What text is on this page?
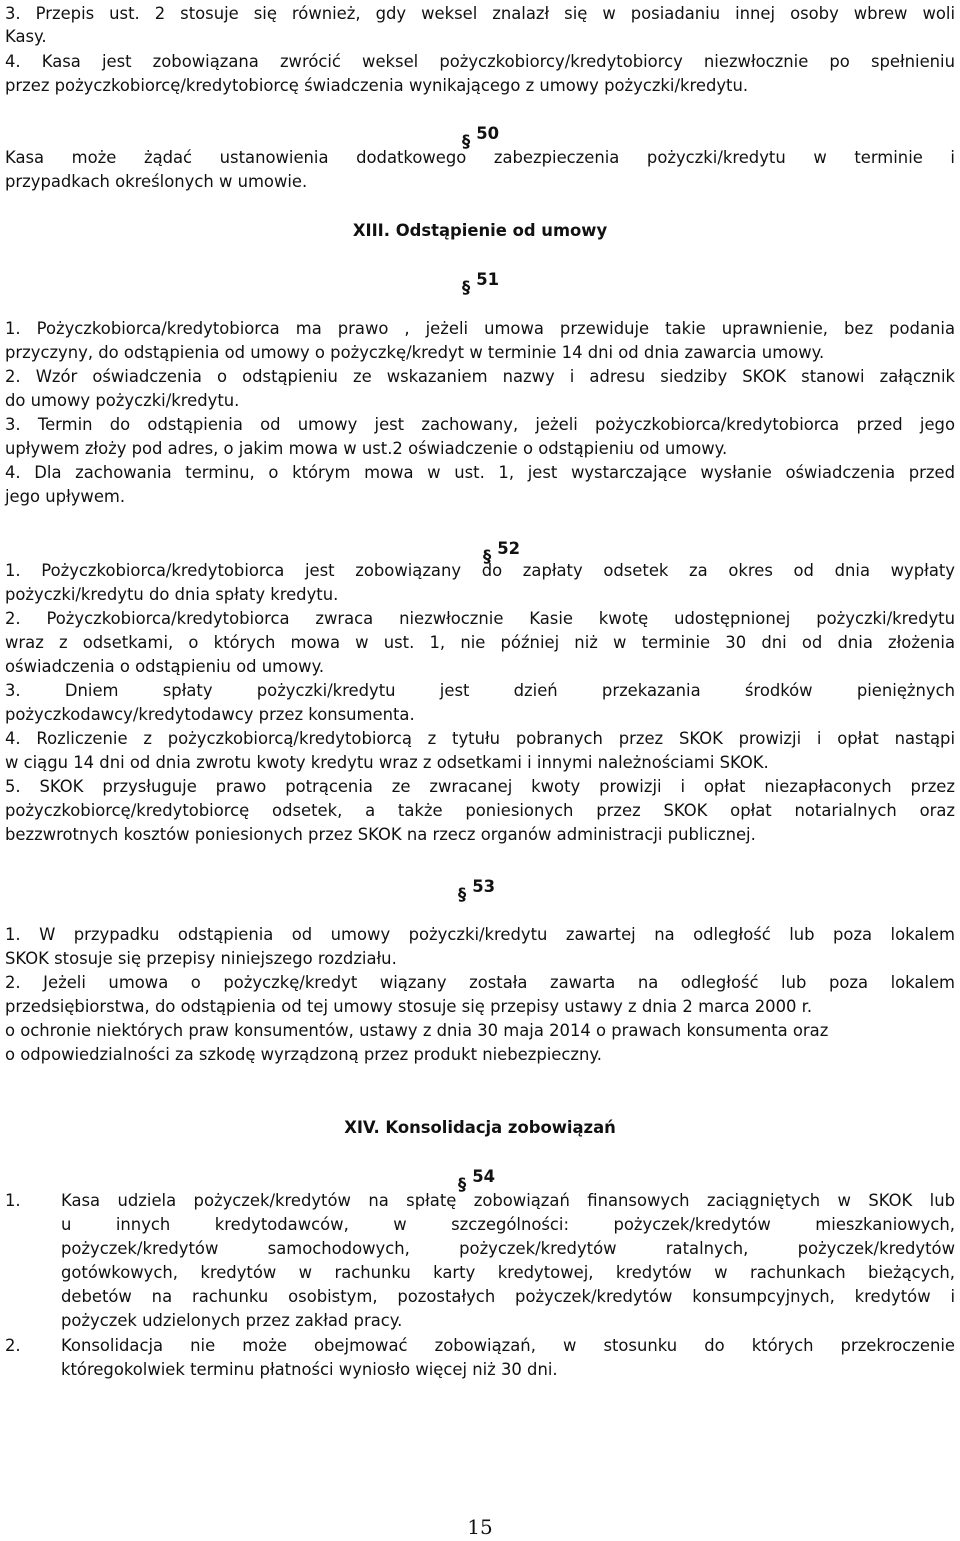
3. Przepis ust. 2 stosuje się również, gdy weksel znalazł się w posiadaniu innej osoby wbrew woli
Kasy.
4. Kasa jest zobowiązana zwrócić weksel pożyczkobiorcy/kredytobiorcy niezwłocznie po spełnieniu
przez pożyczkobiorcę/kredytobiorcę świadczenia wynikającego z umowy pożyczki/kredytu.
Kasa może żądać ustanowienia dodatkowego zabezpieczenia pożyczki/kredytu w terminie i
przypadkach określonych w umowie.
1. Pożyczkobiorca/kredytobiorca ma prawo , jeżeli umowa przewiduje takie uprawnienie, bez podania
przyczyny, do odstąpienia od umowy o pożyczkę/kredyt w terminie 14 dni od dnia zawarcia umowy.
2. Wzór oświadczenia o odstąpieniu ze wskazaniem nazwy i adresu siedziby SKOK stanowi załącznik
do umowy pożyczki/kredytu.
3. Termin do odstąpienia od umowy jest zachowany, jeżeli pożyczkobiorca/kredytobiorca przed jego
upływem złoży pod adres, o jakim mowa w ust.2 oświadczenie o odstąpieniu od umowy.
4. Dla zachowania terminu, o którym mowa w ust. 1, jest wystarczające wysłanie oświadczenia przed
jego upływem.
1. Pożyczkobiorca/kredytobiorca jest zobowiązany do zapłaty odsetek za okres od dnia wypłaty
pożyczki/kredytu do dnia spłaty kredytu.
2. Pożyczkobiorca/kredytobiorca zwraca niezwłocznie Kasie kwotę udostępnionej pożyczki/kredytu
wraz z odsetkami, o których mowa w ust. 1, nie później niż w terminie 30 dni od dnia złożenia
oświadczenia o odstąpieniu od umowy.
3. Dniem spłaty pożyczki/kredytu jest dzień przekazania środków pieniężnych
pożyczkodawcy/kredytodawcy przez konsumenta.
4. Rozliczenie z pożyczkobiorcą/kredytobiorcą z tytułu pobranych przez SKOK prowizji i opłat nastąpi
w ciągu 14 dni od dnia zwrotu kwoty kredytu wraz z odsetkami i innymi należnościami SKOK.
5. SKOK przysługuje prawo potrącenia ze zwracanej kwoty prowizji i opłat niezapłaconych przez
pożyczkobiorcę/kredytobiorcę odsetek, a także poniesionych przez SKOK opłat notarialnych oraz
bezzwrotnych kosztów poniesionych przez SKOK na rzecz organów administracji publicznej.
1. W przypadku odstąpienia od umowy pożyczki/kredytu zawartej na odległość lub poza lokalem
SKOK stosuje się przepisy niniejszego rozdziału.
2. Jeżeli umowa o pożyczkę/kredyt wiązany została zawarta na odległość lub poza lokalem
przedsiębiorstwa, do odstąpienia od tej umowy stosuje się przepisy ustawy z dnia 2 marca 2000 r.
o ochronie niektórych praw konsumentów, ustawy z dnia 30 maja 2014 o prawach konsumenta oraz
o odpowiedzialności za szkodę wyrządzoną przez produkt niebezpieczny.
§ 50
§ 51
§ 52
§ 53
§ 54
XIII. Odstąpienie od umowy
XIV. Konsolidacja zobowiązań
1. Kasa udziela pożyczek/kredytów na spłatę zobowiązań finansowych zaciągniętych w SKOK lub
u innych kredytodawców, w szczególności: pożyczek/kredytów mieszkaniowych,
pożyczek/kredytów samochodowych, pożyczek/kredytów ratalnych, pożyczek/kredytów
gotówkowych, kredytów w rachunku karty kredytowej, kredytów w rachunkach bieżących,
debetów na rachunku osobistym, pozostałych pożyczek/kredytów konsumpcyjnych, kredytów i
pożyczek udzielonych przez zakład pracy.
2. Konsolidacja nie może obejmować zobowiązań, w stosunku do których przekroczenie
któregokolwiek terminu płatności wyniosło więcej niż 30 dni.
15
